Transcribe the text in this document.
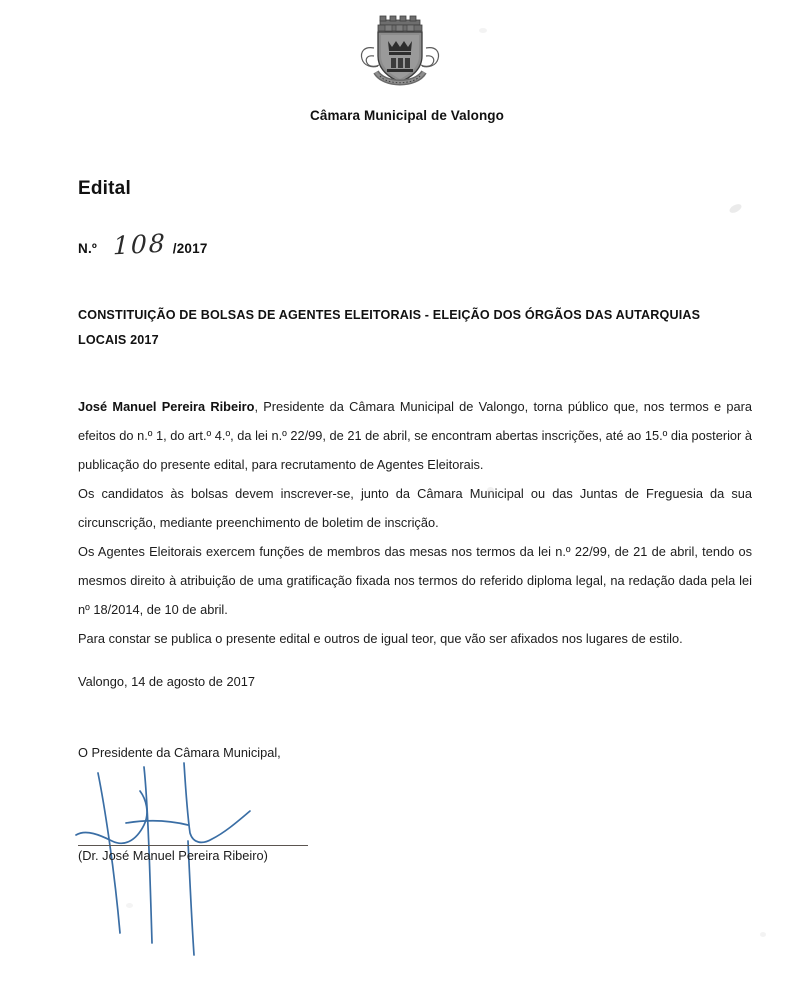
Câmara Municipal de Valongo
Edital
N.º 108 /2017
CONSTITUIÇÃO DE BOLSAS DE AGENTES ELEITORAIS - ELEIÇÃO DOS ÓRGÃOS DAS AUTARQUIAS LOCAIS 2017

José Manuel Pereira Ribeiro, Presidente da Câmara Municipal de Valongo, torna público que, nos termos e para efeitos do n.º 1, do art.º 4.º, da lei n.º 22/99, de 21 de abril, se encontram abertas inscrições, até ao 15.º dia posterior à publicação do presente edital, para recrutamento de Agentes Eleitorais.

Os candidatos às bolsas devem inscrever-se, junto da Câmara Municipal ou das Juntas de Freguesia da sua circunscrição, mediante preenchimento de boletim de inscrição.

Os Agentes Eleitorais exercem funções de membros das mesas nos termos da lei n.º 22/99, de 21 de abril, tendo os mesmos direito à atribuição de uma gratificação fixada nos termos do referido diploma legal, na redação dada pela lei nº 18/2014, de 10 de abril.

Para constar se publica o presente edital e outros de igual teor, que vão ser afixados nos lugares de estilo.

Valongo, 14 de agosto de 2017
O Presidente da Câmara Municipal,
(Dr. José Manuel Pereira Ribeiro)
